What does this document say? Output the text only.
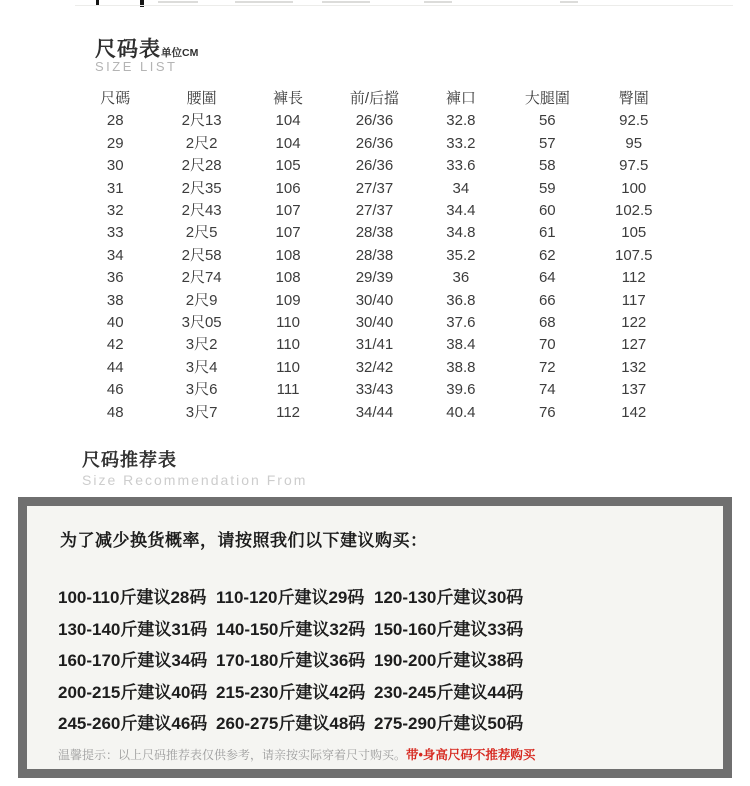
尺码表单位CM
SIZE LIST
尺碼	腰圍	褲長	前/后擋	褲口	大腿圍	臀圍
28	2尺13	104	26/36	32.8	56	92.5
29	2尺2	104	26/36	33.2	57	95
30	2尺28	105	26/36	33.6	58	97.5
31	2尺35	106	27/37	34	59	100
32	2尺43	107	27/37	34.4	60	102.5
33	2尺5	107	28/38	34.8	61	105
34	2尺58	108	28/38	35.2	62	107.5
36	2尺74	108	29/39	36	64	112
38	2尺9	109	30/40	36.8	66	117
40	3尺05	110	30/40	37.6	68	122
42	3尺2	110	31/41	38.4	70	127
44	3尺4	110	32/42	38.8	72	132
46	3尺6	111	33/43	39.6	74	137
48	3尺7	112	34/44	40.4	76	142
尺码推荐表
Size Recommendation From
为了减少换货概率，请按照我们以下建议购买：
100-110斤建议28码 110-120斤建议29码 120-130斤建议30码
130-140斤建议31码 140-150斤建议32码 150-160斤建议33码
160-170斤建议34码 170-180斤建议36码 190-200斤建议38码
200-215斤建议40码 215-230斤建议42码 230-245斤建议44码
245-260斤建议46码 260-275斤建议48码 275-290斤建议50码
温馨提示：以上尺码推荐表仅供参考，请亲按实际穿着尺寸购买。带•身高尺码不推荐购买
